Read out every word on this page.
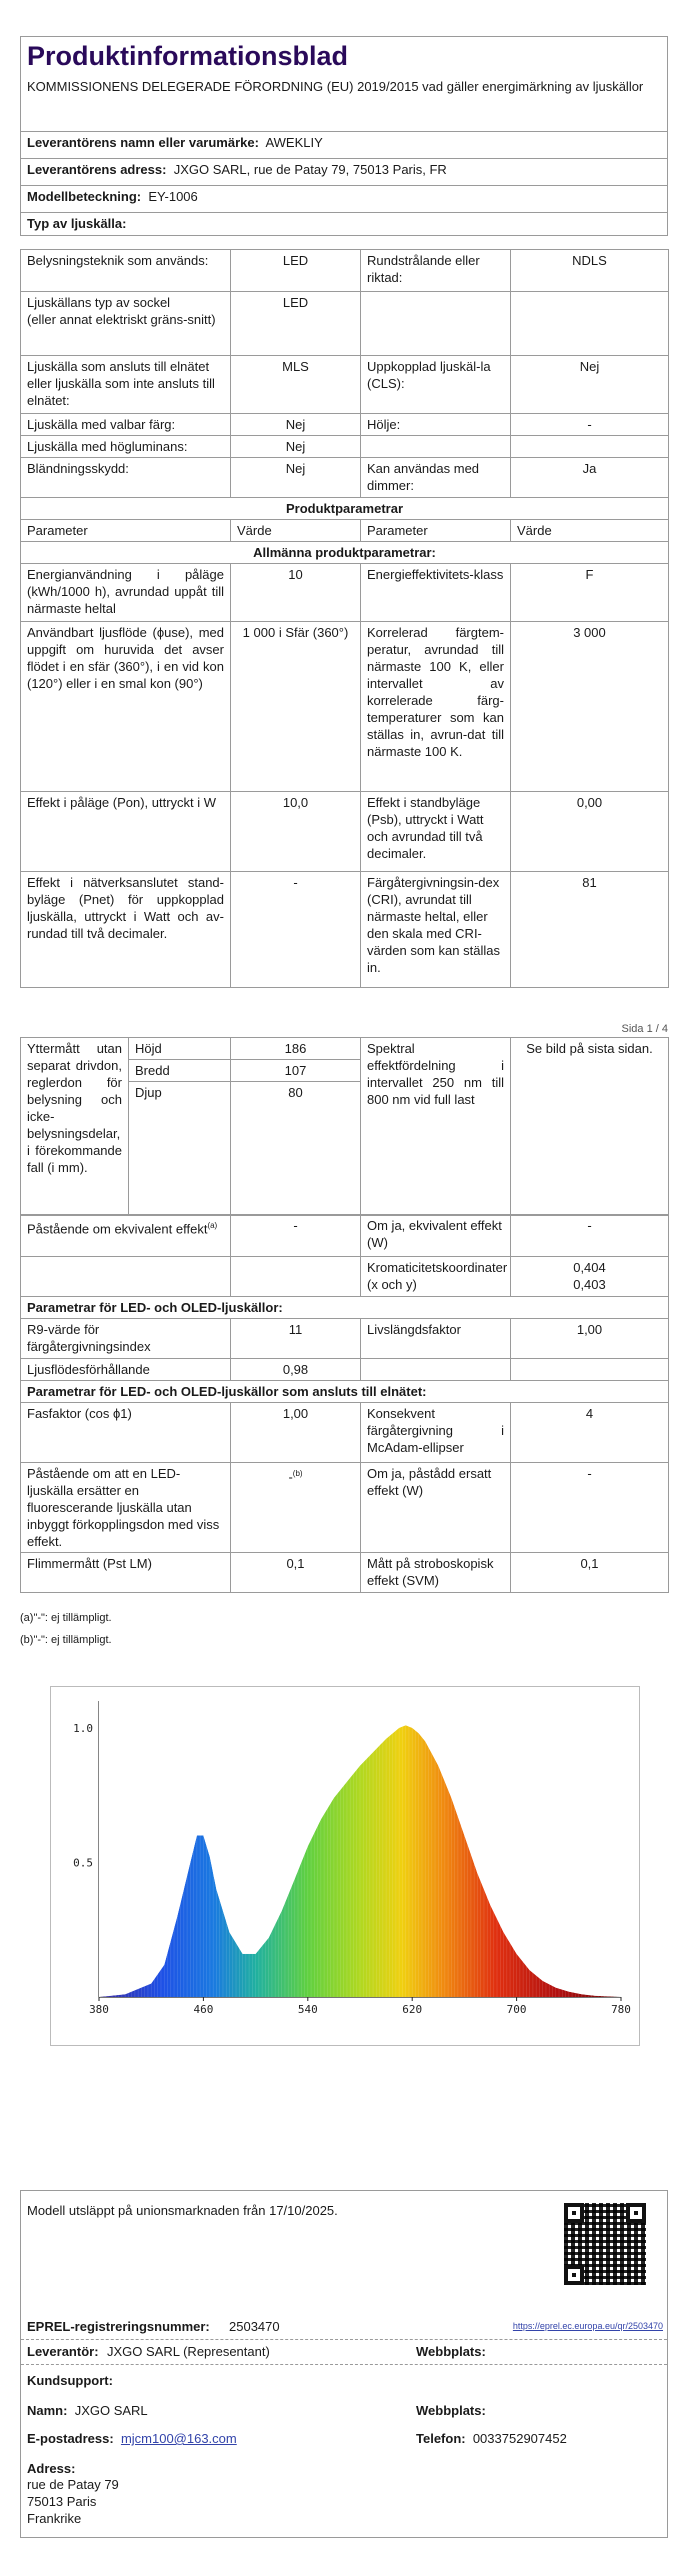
Produktinformationsblad
KOMMISSIONENS DELEGERADE FÖRORDNING (EU) 2019/2015 vad gäller energimärkning av ljuskällor
Leverantörens namn eller varumärke: AWEKLIY
Leverantörens adress: JXGO SARL, rue de Patay 79, 75013 Paris, FR
Modellbeteckning: EY-1006
Typ av ljuskälla:
Belysningsteknik som används:	LED	Rundstrålande eller riktad:	NDLS

Ljuskällans typ av sockel
(eller annat elektriskt gräns-snitt)	LED		
Ljuskälla som ansluts till elnätet eller ljuskälla som inte ansluts till elnätet:	MLS	Uppkopplad ljuskäl-la (CLS):	Nej
Ljuskälla med valbar färg:	Nej	Hölje:	-
Ljuskälla med högluminans:	Nej		
Bländningsskydd:	Nej	Kan användas med dimmer:	Ja
Produktparametrar			
Parameter	Värde	Parameter	Värde
Allmänna produktparametrar:			
Energianvändning i påläge (kWh/1000 h), avrundad uppåt till närmaste heltal	10	Energieffektivitets-klass	F
Användbart ljusflöde (ϕuse), med uppgift om huruvida det avser flödet i en sfär (360°), i en vid kon (120°) eller i en smal kon (90°)	1 000 i Sfär (360°)	Korrelerad färgtem-peratur, avrundad till närmaste 100 K, eller intervallet av korrelerade färg-temperaturer som kan ställas in, avrun-dat till närmaste 100 K.	3 000
Effekt i påläge (Pon), uttryckt i W	10,0	Effekt i standbyläge (Psb), uttryckt i Watt och avrundad till två decimaler.	0,00
Effekt i nätverksanslutet stand-byläge (Pnet) för uppkopplad ljuskälla, uttryckt i Watt och av-rundad till två decimaler.	-	Färgåtergivningsin-dex (CRI), avrundat till närmaste heltal, eller den skala med CRI-värden som kan ställas in.	81
Sida 1 / 4
Yttermått utan separat drivdon, reglerdon för belysning och icke-belysningsdelar, i förekommande fall (i mm).	Höjd	186	Spektral effektfördelning i intervallet 250 nm till 800 nm vid full last	Se bild på sista sidan.
	Bredd	107		
	Djup	80		
Påstående om ekvivalent effekt$^{(a)}$	-	Om ja, ekvivalent effekt (W)	-
		Kromaticitetskoordinater (x och y)	0,404
0,403

Parametrar för LED- och OLED-ljuskällor:			
R9-värde för färgåtergivningsindex	11	Livslängdsfaktor	1,00
Ljusflödesförhållande	0,98		
Parametrar för LED- och OLED-ljuskällor som ansluts till elnätet:			
Fasfaktor (cos ϕ1)	1,00	Konsekvent färgåtergivning i McAdam-ellipser	4
Påstående om att en LED-ljuskälla ersätter en fluorescerande ljuskälla utan inbyggt förkopplingsdon med viss effekt.	-$^{(b)}$	Om ja, påstådd ersatt effekt (W)	-
Flimmermått (Pst LM)	0,1	Mått på stroboskopisk effekt (SVM)	0,1
(a)"-": ej tillämpligt.
(b)"-": ej tillämpligt.
380	460	540	620	700	780
0.5
1.0
Modell utsläppt på unionsmarknaden från 17/10/2025.
EPREL-registreringsnummer: 2503470	https://eprel.ec.europa.eu/qr/2503470
Leverantör: JXGO SARL (Representant)	Webbplats:
Kundsupport:
Namn: JXGO SARL	Webbplats:
E-postadress: mjcm100@163.com	Telefon: 0033752907452
Adress:
rue de Patay 79
75013 Paris
Frankrike
